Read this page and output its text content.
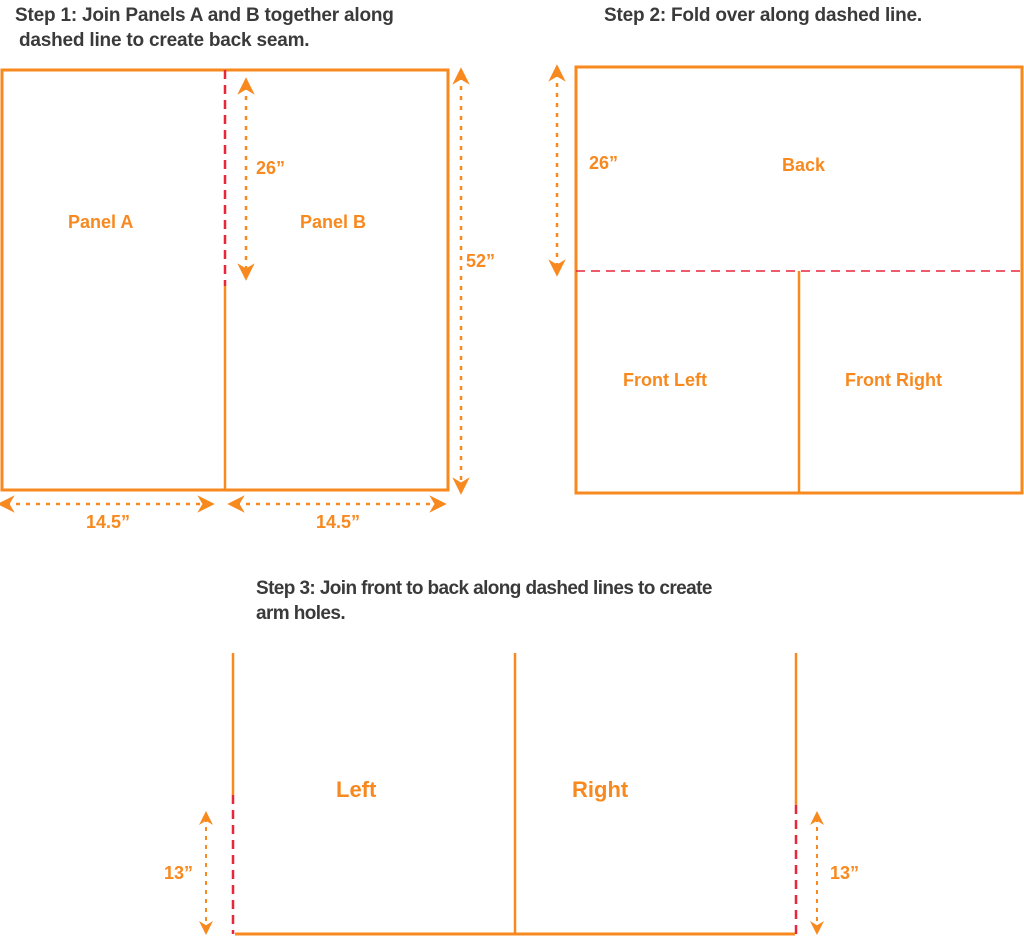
Step 1: Join Panels A and B together along
dashed line to create back seam.
Step 2: Fold over along dashed line.
Step 3: Join front to back along dashed lines to create
arm holes.
Panel A	Panel B
26”
52”
14.5”	14.5”
26”	Back
Front Left	Front Right
Left	Right
13”	13”
